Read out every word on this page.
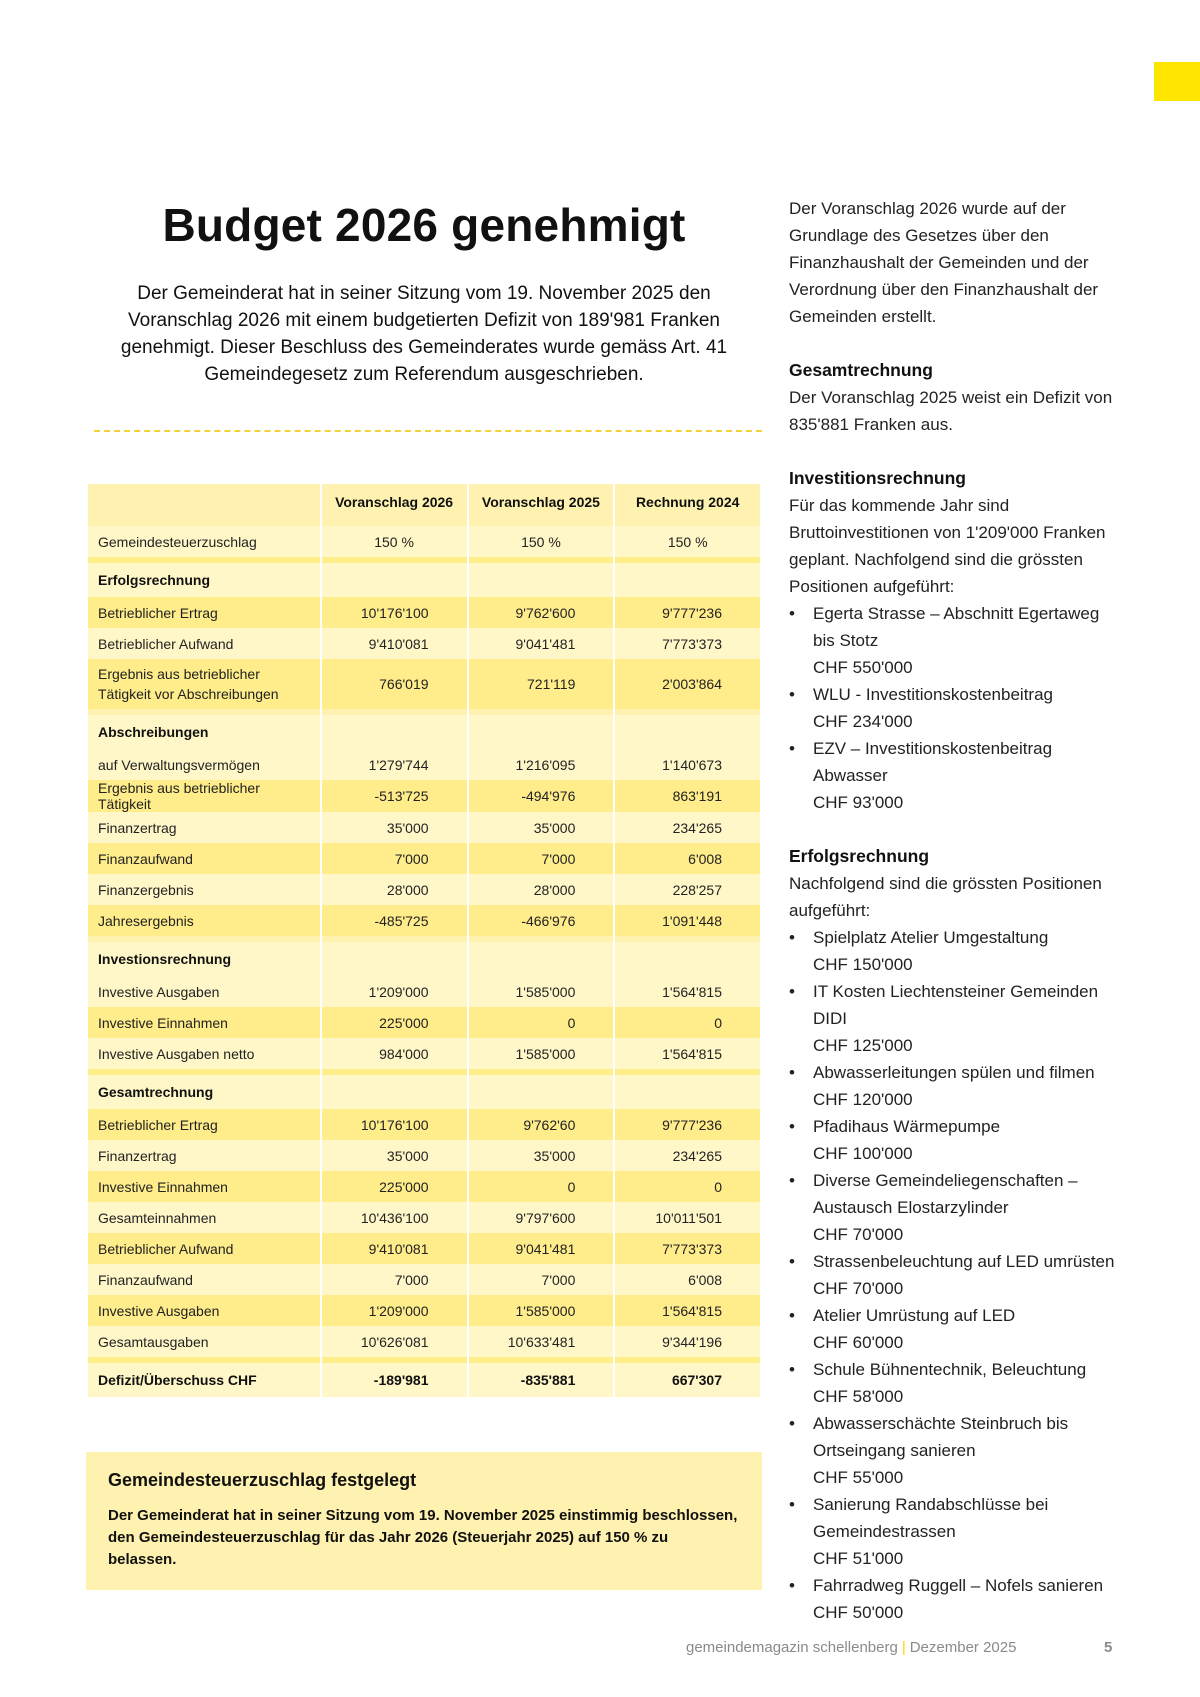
Budget 2026 genehmigt

Der Gemeinderat hat in seiner Sitzung vom 19. November 2025 den Voranschlag 2026 mit einem budgetierten Defizit von 189'981 Franken genehmigt. Dieser Beschluss des Gemeinderates wurde gemäss Art. 41 Gemeindegesetz zum Referendum ausgeschrieben.

	Voranschlag 2026	Voranschlag 2025	Rechnung 2024

Gemeindesteuerzuschlag	150 %	150 %	150 %

Erfolgsrechnung			
Betrieblicher Ertrag	10'176'100	9'762'600	9'777'236
Betrieblicher Aufwand	9'410'081	9'041'481	7'773'373
Ergebnis aus betrieblicher Tätigkeit vor Abschreibungen	766'019	721'119	2'003'864

Abschreibungen			
auf Verwaltungsvermögen	1'279'744	1'216'095	1'140'673
Ergebnis aus betrieblicher Tätigkeit	-513'725	-494'976	863'191
Finanzertrag	35'000	35'000	234'265
Finanzaufwand	7'000	7'000	6'008
Finanzergebnis	28'000	28'000	228'257
Jahresergebnis	-485'725	-466'976	1'091'448

Investionsrechnung			
Investive Ausgaben	1'209'000	1'585'000	1'564'815
Investive Einnahmen	225'000	0	0
Investive Ausgaben netto	984'000	1'585'000	1'564'815

Gesamtrechnung			
Betrieblicher Ertrag	10'176'100	9'762'60	9'777'236
Finanzertrag	35'000	35'000	234'265
Investive Einnahmen	225'000	0	0
Gesamteinnahmen	10'436'100	9'797'600	10'011'501
Betrieblicher Aufwand	9'410'081	9'041'481	7'773'373
Finanzaufwand	7'000	7'000	6'008
Investive Ausgaben	1'209'000	1'585'000	1'564'815
Gesamtausgaben	10'626'081	10'633'481	9'344'196

Defizit/Überschuss CHF	-189'981	-835'881	667'307

Gemeindesteuerzuschlag festgelegt

Der Gemeinderat hat in seiner Sitzung vom 19. November 2025 einstimmig beschlossen, den Gemeindesteuerzuschlag für das Jahr 2026 (Steuerjahr 2025) auf 150 % zu belassen.

Der Voranschlag 2026 wurde auf der Grundlage des Gesetzes über den Finanzhaushalt der Gemeinden und der Verordnung über den Finanzhaushalt der Gemeinden erstellt.

Gesamtrechnung

Der Voranschlag 2025 weist ein Defizit von 835'881 Franken aus.

Investitionsrechnung

Für das kommende Jahr sind Bruttoinvestitionen von 1'209'000 Franken geplant. Nachfolgend sind die grössten Positionen aufgeführt:

• Egerta Strasse – Abschnitt Egertaweg bis Stotz
CHF 550'000
• WLU - Investitionskostenbeitrag
CHF 234'000
• EZV – Investitionskostenbeitrag Abwasser
CHF 93'000
Erfolgsrechnung

Nachfolgend sind die grössten Positionen aufgeführt:

• Spielplatz Atelier Umgestaltung
CHF 150'000
• IT Kosten Liechtensteiner Gemeinden DIDI
CHF 125'000
• Abwasserleitungen spülen und filmen
CHF 120'000
• Pfadihaus Wärmepumpe
CHF 100'000
• Diverse Gemeindeliegenschaften – Austausch Elostarzylinder
CHF 70'000
• Strassenbeleuchtung auf LED umrüsten
CHF 70'000
• Atelier Umrüstung auf LED
CHF 60'000
• Schule Bühnentechnik, Beleuchtung
CHF 58'000
• Abwasserschächte Steinbruch bis Ortseingang sanieren
CHF 55'000
• Sanierung Randabschlüsse bei Gemeindestrassen
CHF 51'000
• Fahrradweg Ruggell – Nofels sanieren
CHF 50'000
gemeindemagazin schellenberg | Dezember 2025	5
